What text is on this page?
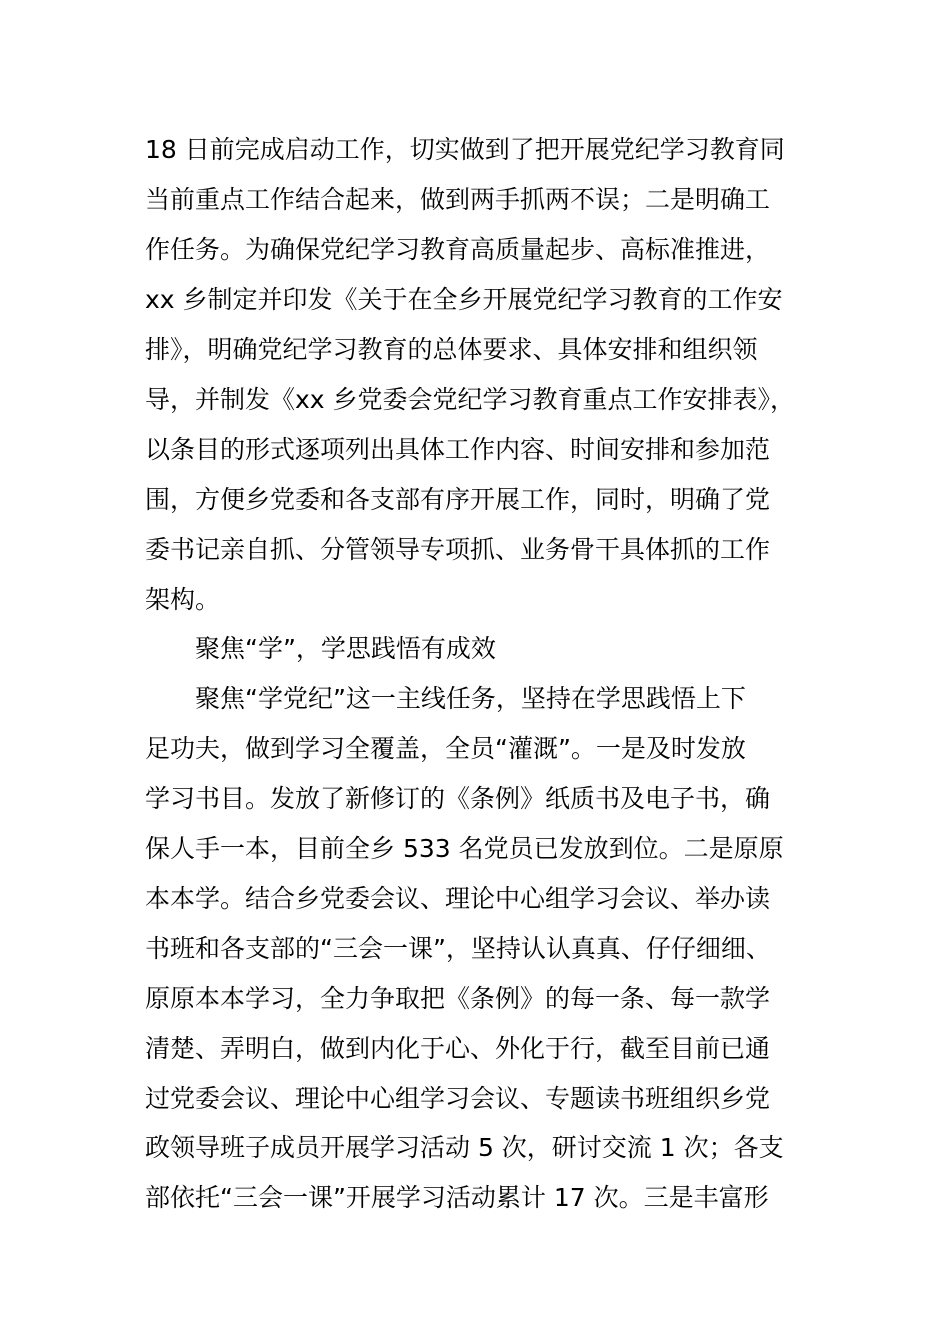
18 日前完成启动工作，切实做到了把开展党纪学习教育同
当前重点工作结合起来，做到两手抓两不误；二是明确工
作任务。为确保党纪学习教育高质量起步、高标准推进，
xx 乡制定并印发《关于在全乡开展党纪学习教育的工作安
排》，明确党纪学习教育的总体要求、具体安排和组织领
导，并制发《xx 乡党委会党纪学习教育重点工作安排表》，
以条目的形式逐项列出具体工作内容、时间安排和参加范
围，方便乡党委和各支部有序开展工作，同时，明确了党
委书记亲自抓、分管领导专项抓、业务骨干具体抓的工作
架构。
聚焦“学”，学思践悟有成效
聚焦“学党纪”这一主线任务，坚持在学思践悟上下
足功夫，做到学习全覆盖，全员“灌溉”。一是及时发放
学习书目。发放了新修订的《条例》纸质书及电子书，确
保人手一本，目前全乡 533 名党员已发放到位。二是原原
本本学。结合乡党委会议、理论中心组学习会议、举办读
书班和各支部的“三会一课”，坚持认认真真、仔仔细细、
原原本本学习，全力争取把《条例》的每一条、每一款学
清楚、弄明白，做到内化于心、外化于行，截至目前已通
过党委会议、理论中心组学习会议、专题读书班组织乡党
政领导班子成员开展学习活动 5 次，研讨交流 1 次；各支
部依托“三会一课”开展学习活动累计 17 次。三是丰富形
